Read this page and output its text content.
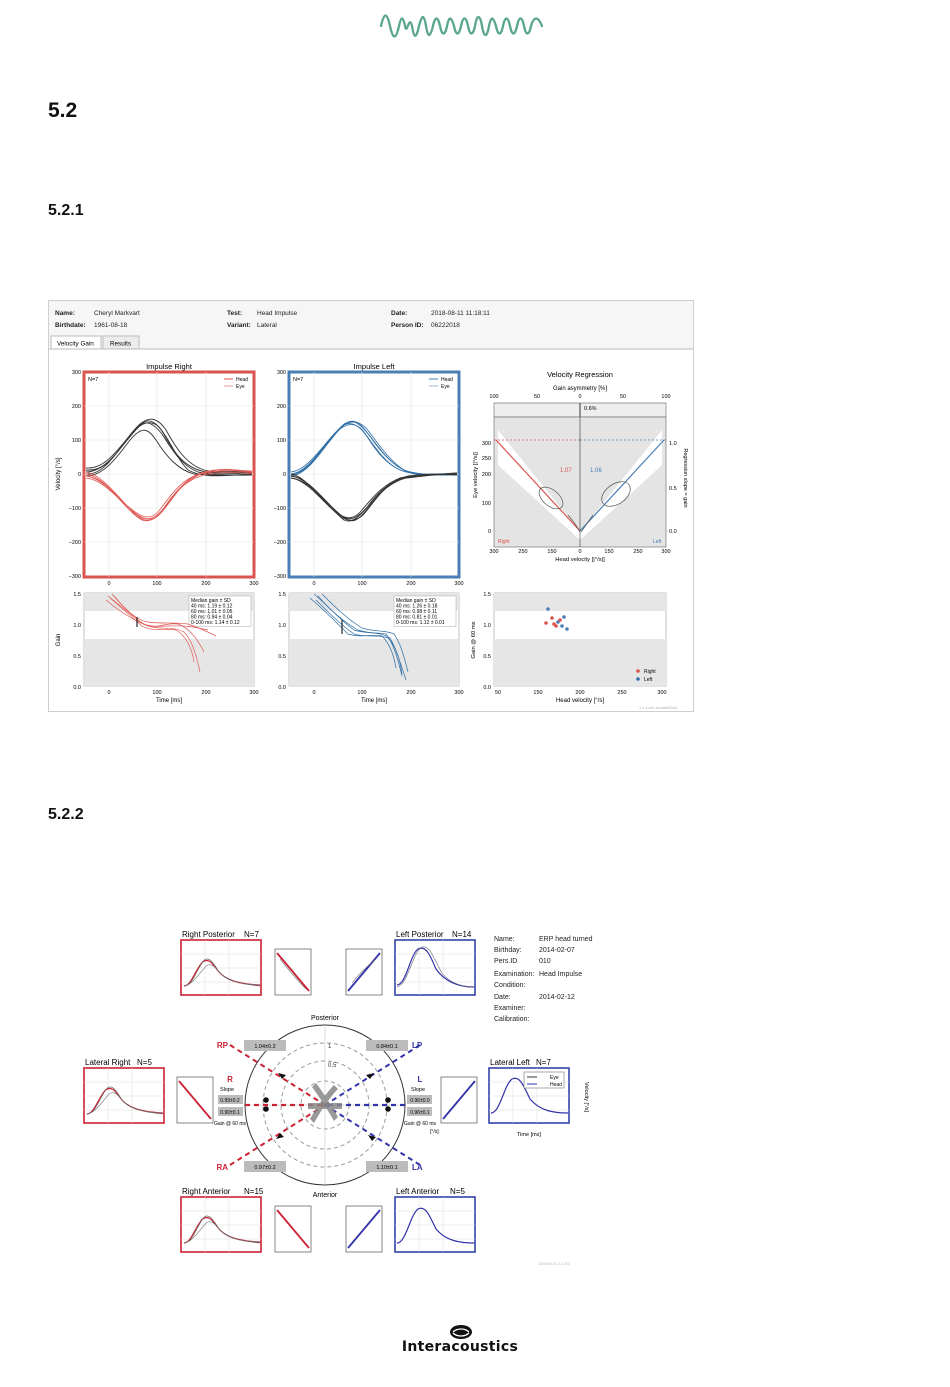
5.2
5.2.1
5.2.2
Name:	Cheryl Markvart
Birthdate: 1961-08-18
Test: Head Impulse
Variant: Lateral
Date:	2018-08-11 11:18:11
Person ID: 06222018
Velocity Gain	Results
Impulse Right
N=7	Head
Eye
300
200
100
0
−100
−200
−300
0	100	200	300
Velocity [°/s]
Impulse Left
N=7	Head
Eye
300
200
100
0
−100
−200
−300
0	100	200	300
Velocity Regression
Gain asymmetry [%]
100	50	0	50	100
0.6%
1.07	1.06
Right	Left
300
250
200
100
0
1.0
0.5
0.0
300	250	150	0	150	250	300
Eye velocity [|°/s|]	Regression slope = gain
Head velocity [|°/s|]
1.5
1.0
0.5
0.0
1.5
1.0
0.5
0.0
0	100	200	300	0	100	200	300
Gain
Time [ms]	Time [ms]
Median gain ± SD
40 ms: 1.19 ± 0.12
60 ms: 1.01 ± 0.05
80 ms: 0.94 ± 0.04
0-100 ms: 1.14 ± 0.12
Median gain ± SD
40 ms: 1.26 ± 0.18
60 ms: 0.98 ± 0.11
80 ms: 0.81 ± 0.01
0-100 ms: 1.12 ± 0.01
1.5
1.0
0.5
0.0
50	150	200	250	300
Gain @ 60 ms
Head velocity [°/s]
Right
Left
1.1.1.rel.-rev.abd7cd1
Right Posterior N=7	Left Posterior N=14
Name:	ERP head turned
Birthday: 2014-02-07
Pers.ID	010
Examination: Head Impulse
Condition:
Date:	2014-02-12
Examiner:
Calibration:
Posterior
Anterior
1
0.5
RP	1.04±0.2	LP
0.84±0.1
RA	0.97±0.2	LA
1.10±0.1
R	L
Slope	Slope
0.99±0.2
0.90±0.1
0.96±0.0
0.96±0.1
Gain @ 60 ms	Gain @ 60 ms
[°/s]
Lateral Right N=5	Lateral Left N=7
Eye
Head
Time [ms]
Velocity [°/s]
Right Anterior N=15	Left Anterior N=5
1000000-00-0-0-000
Interacoustics
